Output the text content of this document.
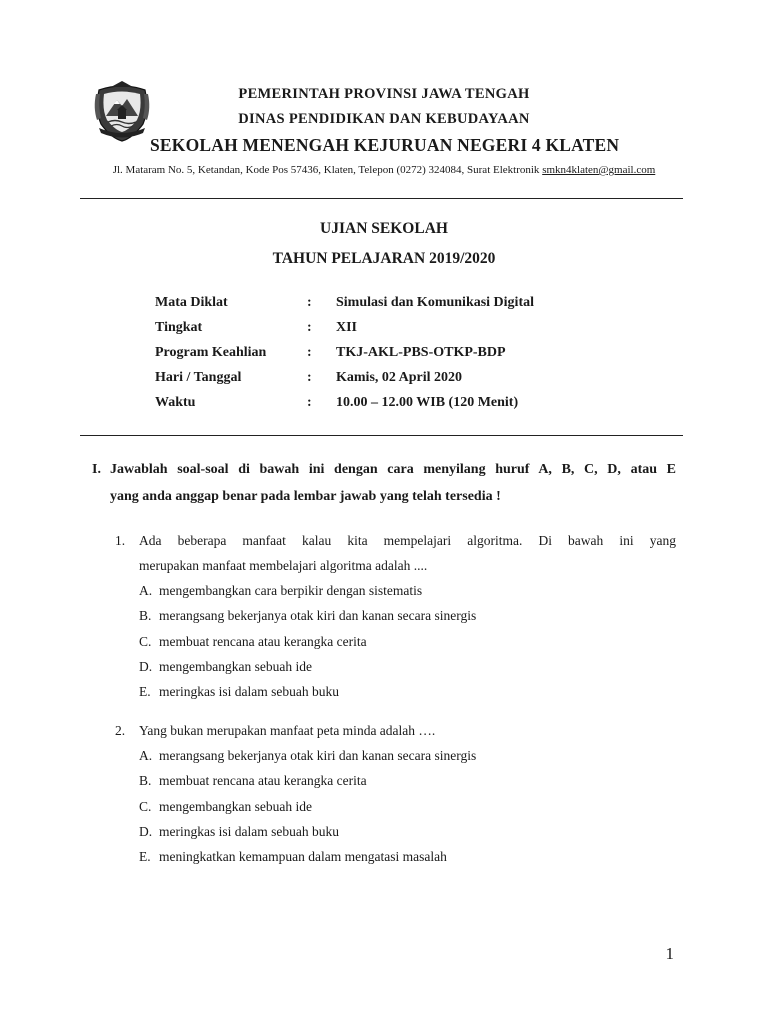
PEMERINTAH PROVINSI JAWA TENGAH
DINAS PENDIDIKAN DAN KEBUDAYAAN
SEKOLAH MENENGAH KEJURUAN NEGERI 4 KLATEN
Jl. Mataram No. 5, Ketandan, Kode Pos 57436, Klaten, Telepon (0272) 324084, Surat Elektronik smkn4klaten@gmail.com
UJIAN SEKOLAH
TAHUN PELAJARAN 2019/2020
Mata Diklat	: Simulasi dan Komunikasi Digital
Tingkat	: XII
Program Keahlian	: TKJ-AKL-PBS-OTKP-BDP
Hari / Tanggal	: Kamis, 02 April 2020
Waktu	: 10.00 – 12.00 WIB (120 Menit)
I. Jawablah soal-soal di bawah ini dengan cara menyilang huruf A, B, C, D, atau E
yang anda anggap benar pada lembar jawab yang telah tersedia !
1. Ada beberapa manfaat kalau kita mempelajari algoritma. Di bawah ini yang
merupakan manfaat membelajari algoritma adalah ....
A. mengembangkan cara berpikir dengan sistematis
B. merangsang bekerjanya otak kiri dan kanan secara sinergis
C. membuat rencana atau kerangka cerita
D. mengembangkan sebuah ide
E. meringkas isi dalam sebuah buku
2. Yang bukan merupakan manfaat peta minda adalah ….
A. merangsang bekerjanya otak kiri dan kanan secara sinergis
B. membuat rencana atau kerangka cerita
C. mengembangkan sebuah ide
D. meringkas isi dalam sebuah buku
E. meningkatkan kemampuan dalam mengatasi masalah
1
